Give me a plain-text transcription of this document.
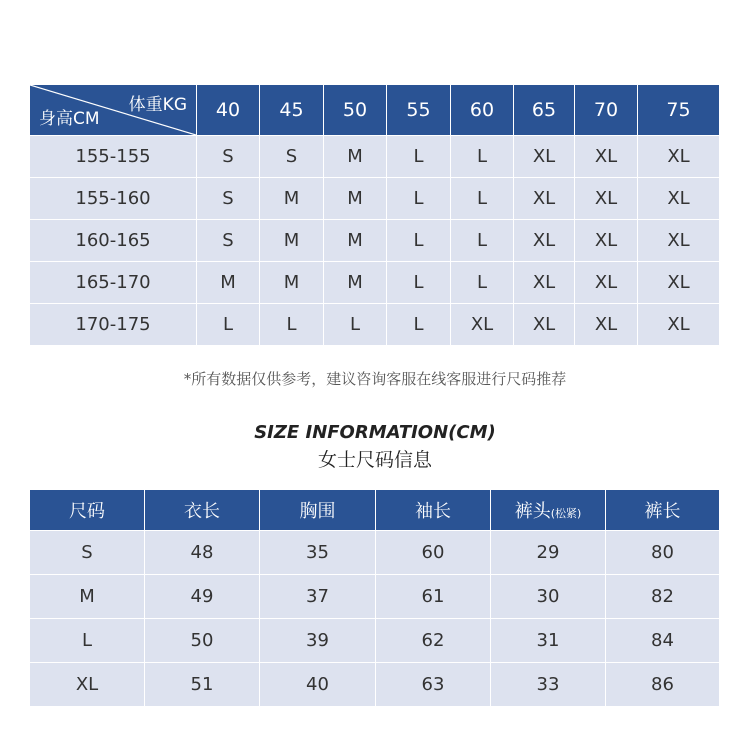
体重KG
身高CM	40	45	50	55	60	65	70	75
155-155	S	S	M	L	L	XL	XL	XL
155-160	S	M	M	L	L	XL	XL	XL
160-165	S	M	M	L	L	XL	XL	XL
165-170	M	M	M	L	L	XL	XL	XL
170-175	L	L	L	L	XL	XL	XL	XL
*所有数据仅供参考，建议咨询客服在线客服进行尺码推荐
SIZE INFORMATION(CM)
女士尺码信息
尺码	衣长	胸围	袖长	裤头(松紧)	裤长
S	48	35	60	29	80
M	49	37	61	30	82
L	50	39	62	31	84
XL	51	40	63	33	86
